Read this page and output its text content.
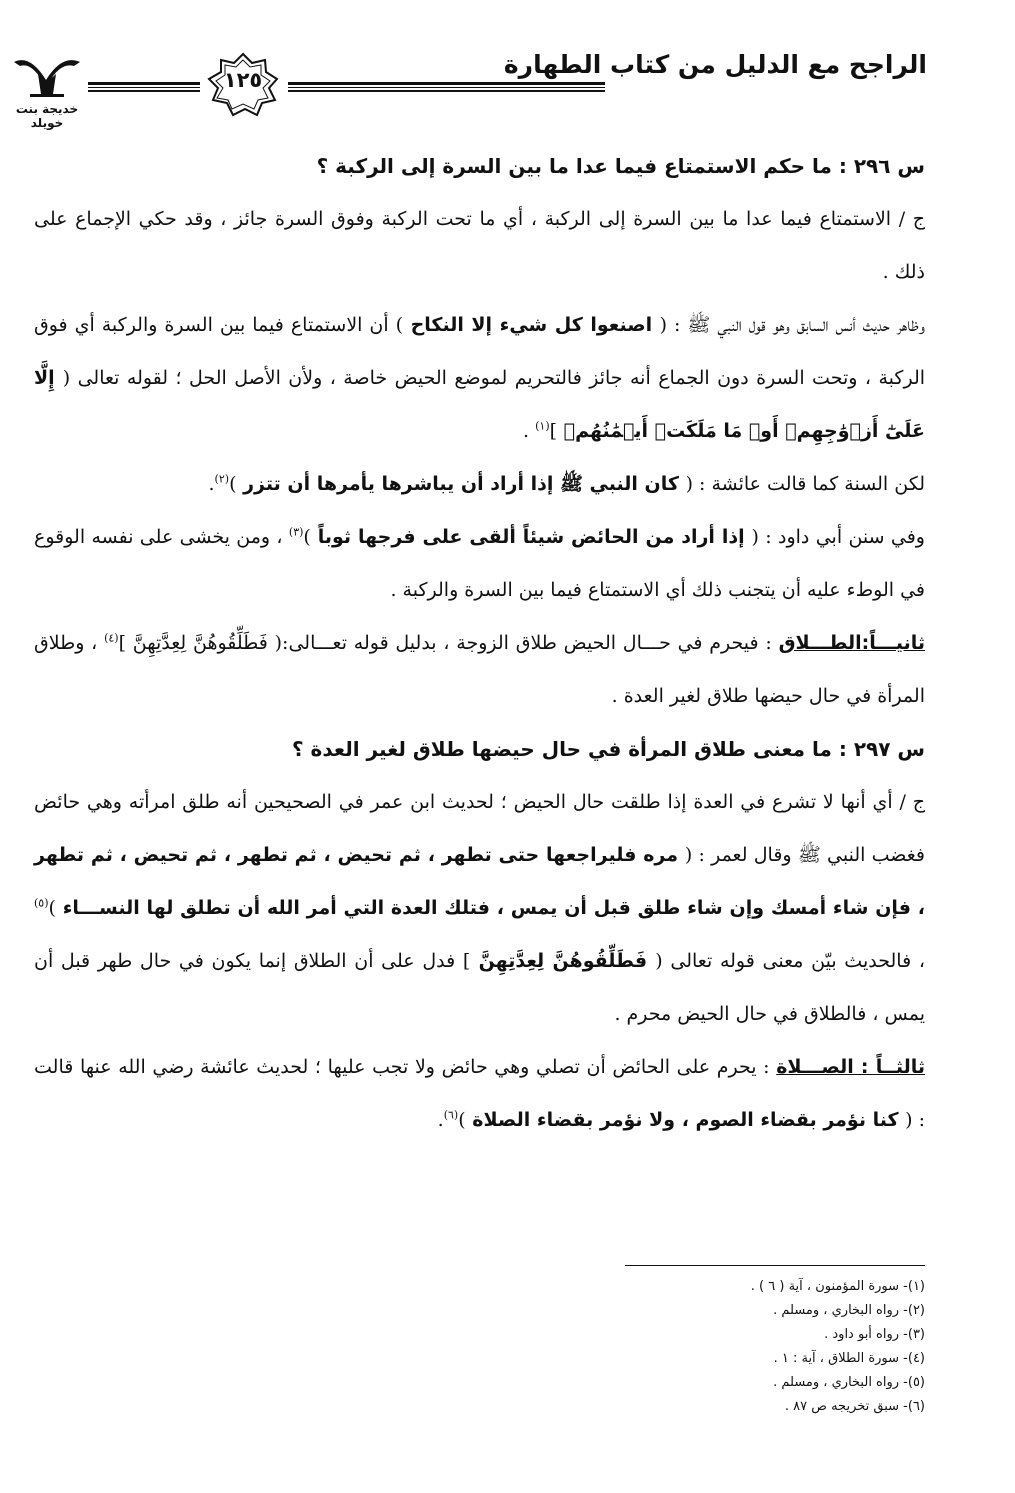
الراجح مع الدليل من كتاب الطهارة
١٢٥
خديجة بنت خويلد

س ٢٩٦ : ما حكم الاستمتاع فيما عدا ما بين السرة إلى الركبة ؟

ج / الاستمتاع فيما عدا ما بين السرة إلى الركبة ، أي ما تحت الركبة وفوق السرة جائز ، وقد حكي الإجماع على ذلك .

وظاهر حديث أنس السابق وهو قول النبي ﷺ : ( اصنعوا كل شيء إلا النكاح ) أن الاستمتاع فيما بين السرة والركبة أي فوق الركبة ، وتحت السرة دون الجماع أنه جائز فالتحريم لموضع الحيض خاصة ، ولأن الأصل الحل ؛ لقوله تعالى ( إِلَّا عَلَىٰٓ أَزۡوَٰجِهِمۡ أَوۡ مَا مَلَكَتۡ أَيۡمَٰنُهُمۡ ]$^{(١)}$ .

لكن السنة كما قالت عائشة : ( كان النبي ﷺ إذا أراد أن يباشرها يأمرها أن تتزر )$^{(٢)}$.

وفي سنن أبي داود : ( إذا أراد من الحائض شيئاً ألقى على فرجها ثوباً )$^{(٣)}$ ، ومن يخشى على نفسه الوقوع في الوطء عليه أن يتجنب ذلك أي الاستمتاع فيما بين السرة والركبة .

ثانيـــاً:الطـــلاق : فيحرم في حـــال الحيض طلاق الزوجة ، بدليل قوله تعـــالى:( فَطَلِّقُوهُنَّ لِعِدَّتِهِنَّ ]$^{(٤)}$ ، وطلاق المرأة في حال حيضها طلاق لغير العدة .

س ٢٩٧ : ما معنى طلاق المرأة في حال حيضها طلاق لغير العدة ؟

ج / أي أنها لا تشرع في العدة إذا طلقت حال الحيض ؛ لحديث ابن عمر في الصحيحين أنه طلق امرأته وهي حائض فغضب النبي ﷺ وقال لعمر : ( مره فليراجعها حتى تطهر ، ثم تحيض ، ثم تطهر ، ثم تحيض ، ثم تطهر ، فإن شاء أمسك وإن شاء طلق قبل أن يمس ، فتلك العدة التي أمر الله أن تطلق لها النســـاء )$^{(٥)}$ ، فالحديث بيّن معنى قوله تعالى ( فَطَلِّقُوهُنَّ لِعِدَّتِهِنَّ ] فدل على أن الطلاق إنما يكون في حال طهر قبل أن يمس ، فالطلاق في حال الحيض محرم .

ثالثــاً : الصـــلاة : يحرم على الحائض أن تصلي وهي حائض ولا تجب عليها ؛ لحديث عائشة رضي الله عنها قالت : ( كنا نؤمر بقضاء الصوم ، ولا نؤمر بقضاء الصلاة )$^{(٦)}$.

(١)- سورة المؤمنون ، آية ( ٦ ) .
(٢)- رواه البخاري ، ومسلم .
(٣)- رواه أبو داود .
(٤)- سورة الطلاق ، آية : ١ .
(٥)- رواه البخاري ، ومسلم .
(٦)- سبق تخريجه ص ٨٧ .
